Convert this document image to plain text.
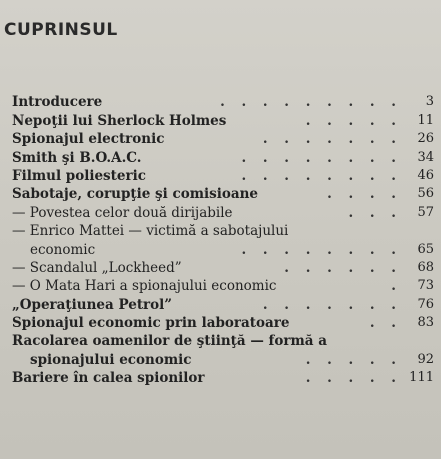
CUPRINSUL
Introducere	. . . . . . . . .	3
Nepoţii lui Sherlock Holmes	. . . . .	11
Spionajul electronic	. . . . . . .	26
Smith şi B.O.A.C.	. . . . . . . .	34
Filmul poliesteric	. . . . . . . .	46
Sabotaje, corupţie şi comisioane	. . . .	56
— Povestea celor două dirijabile	. . .	57
— Enrico Mattei — victimă a sabotajului
economic	. . . . . . . .	65
— Scandalul „Lockheed”	. . . . . .	68
— O Mata Hari a spionajului economic	.	73
„Operaţiunea Petrol”	. . . . . . .	76
Spionajul economic prin laboratoare	. .	83
Racolarea oamenilor de ştiinţă — formă a
spionajului economic	. . . . .	92
Bariere în calea spionilor	. . . . . 111
